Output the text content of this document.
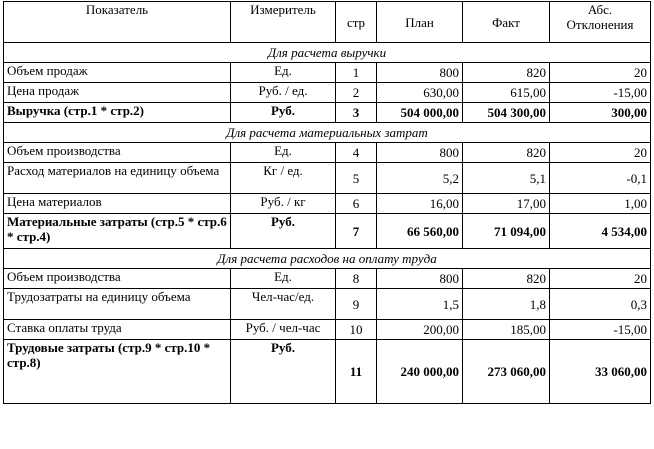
Показатель	Измеритель	стр	План	Факт	Абс. Отклонения
Для расчета выручки					
Объем продаж	Ед.	1	800	820	20
Цена продаж	Руб. / ед.	2	630,00	615,00	-15,00
Выручка (стр.1 * стр.2)	Руб.	3	504 000,00	504 300,00	300,00
Для расчета материальных затрат					
Объем производства	Ед.	4	800	820	20
Расход материалов на единицу объема	Кг / ед.	5	5,2	5,1	-0,1
Цена материалов	Руб. / кг	6	16,00	17,00	1,00
Материальные затраты (стр.5 * стр.6 * стр.4)	Руб.	7	66 560,00	71 094,00	4 534,00
Для расчета расходов на оплату труда					
Объем производства	Ед.	8	800	820	20
Трудозатраты на единицу объема	Чел-час/ед.	9	1,5	1,8	0,3
Ставка оплаты труда	Руб. / чел-час	10	200,00	185,00	-15,00
Трудовые затраты (стр.9 * стр.10 * стр.8)	Руб.	11	240 000,00	273 060,00	33 060,00
